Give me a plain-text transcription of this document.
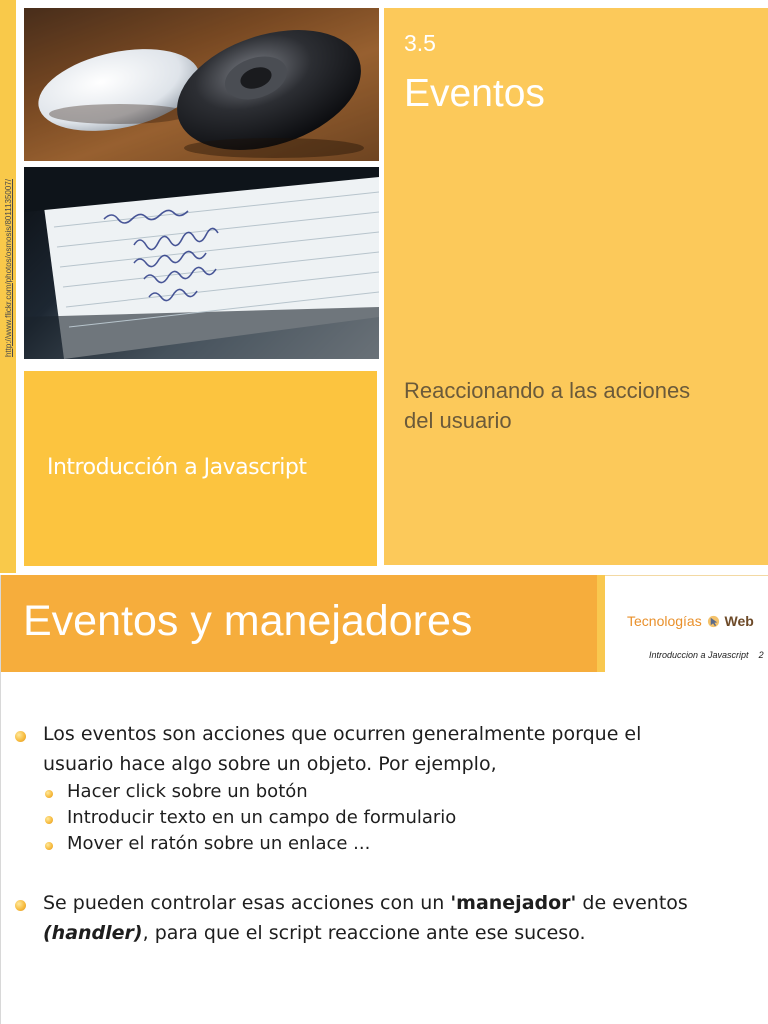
http://www.flickr.com/photos/osmosis/8011135007/
3.5
Eventos
Reaccionando a las acciones del usuario
Introducción a Javascript
Eventos y manejadores	Tecnologías Web
Introduccion a Javascript 2
Los eventos son acciones que ocurren generalmente porque el
usuario hace algo sobre un objeto. Por ejemplo,
Hacer click sobre un botón
Introducir texto en un campo de formulario
Mover el ratón sobre un enlace ...
Se pueden controlar esas acciones con un 'manejador' de eventos
(handler), para que el script reaccione ante ese suceso.
